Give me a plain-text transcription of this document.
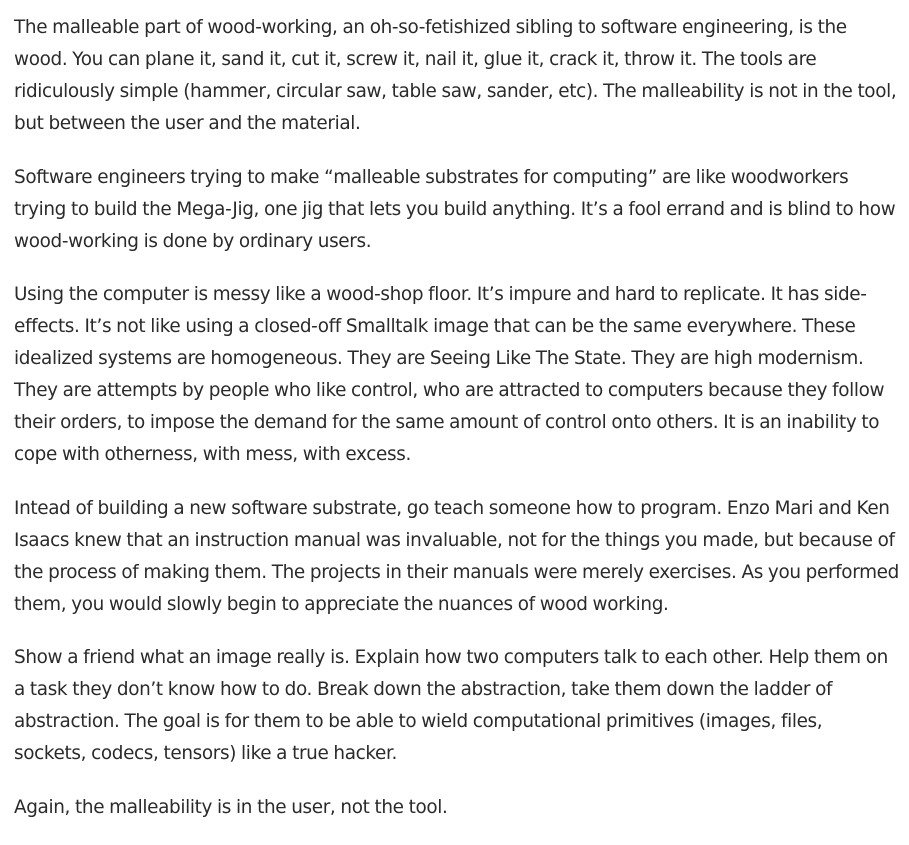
The malleable part of wood-working, an oh-so-fetishized sibling to software engineering, is the wood. You can plane it, sand it, cut it, screw it, nail it, glue it, crack it, throw it. The tools are ridiculously simple (hammer, circular saw, table saw, sander, etc). The malleability is not in the tool, but between the user and the material.

Software engineers trying to make “malleable substrates for computing” are like woodworkers trying to build the Mega-Jig, one jig that lets you build anything. It’s a fool errand and is blind to how wood-working is done by ordinary users.

Using the computer is messy like a wood-shop floor. It’s impure and hard to replicate. It has side-effects. It’s not like using a closed-off Smalltalk image that can be the same everywhere. These idealized systems are homogeneous. They are Seeing Like The State. They are high modernism. They are attempts by people who like control, who are attracted to computers because they follow their orders, to impose the demand for the same amount of control onto others. It is an inability to cope with otherness, with mess, with excess.

Intead of building a new software substrate, go teach someone how to program. Enzo Mari and Ken Isaacs knew that an instruction manual was invaluable, not for the things you made, but because of the process of making them. The projects in their manuals were merely exercises. As you performed them, you would slowly begin to appreciate the nuances of wood working.

Show a friend what an image really is. Explain how two computers talk to each other. Help them on a task they don’t know how to do. Break down the abstraction, take them down the ladder of abstraction. The goal is for them to be able to wield computational primitives (images, files, sockets, codecs, tensors) like a true hacker.

Again, the malleability is in the user, not the tool.
